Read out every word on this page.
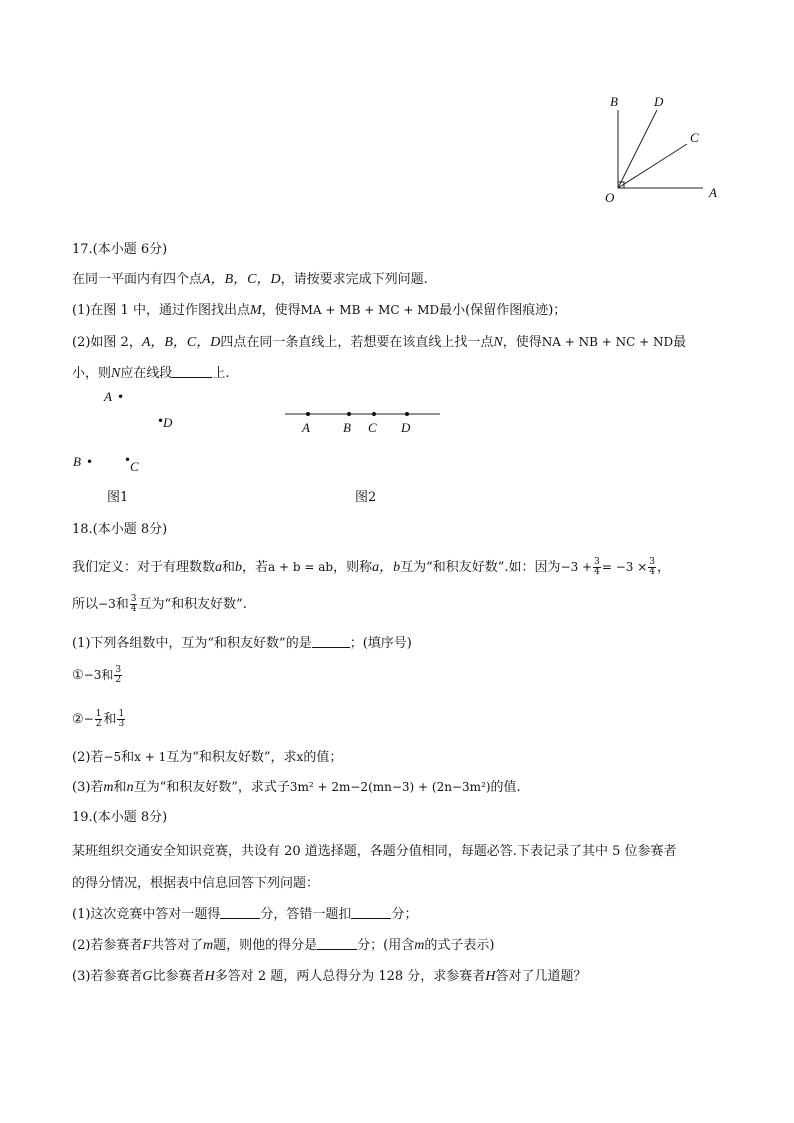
B	D
C
O	A
17.(本小题 6分)
在同一平面内有四个点A，B，C，D，请按要求完成下列问题.
(1)在图 1 中，通过作图找出点M，使得MA + MB + MC + MD最小(保留作图痕迹)；
(2)如图 2，A，B，C，D四点在同一条直线上，若想要在该直线上找一点N，使得NA + NB + NC + ND最
小，则N应在线段	上.
A •
•
D
B •	•
C
图1
A	B C D
图2
18.(本小题 8分)
我们定义：对于有理数数a和b，若a + b = ab，则称a，b互为“和积友好数”.如：因为$-3 + \frac{3}{4} = -3 \times \frac{3}{4}$ ，
所以−3和 $\frac{3}{4}$ 互为“和积友好数”.
(1)下列各组数中，互为“和积友好数”的是	；(填序号)
①−3和 $\frac{3}{2}$
②− $\frac{1}{2}$ 和 $\frac{1}{3}$
(2)若−5和x + 1互为“和积友好数”，求x的值；
(3)若m和n互为“和积友好数”，求式子3m² + 2m−2(mn−3) + (2n−3m²)的值.
19.(本小题 8分)
某班组织交通安全知识竞赛，共设有 20 道选择题，各题分值相同，每题必答.下表记录了其中 5 位参赛者
的得分情况，根据表中信息回答下列问题：
(1)这次竞赛中答对一题得	分，答错一题扣	分；
(2)若参赛者F共答对了m题，则他的得分是	分；(用含m的式子表示)
(3)若参赛者G比参赛者H多答对 2 题，两人总得分为 128 分，求参赛者H答对了几道题？
